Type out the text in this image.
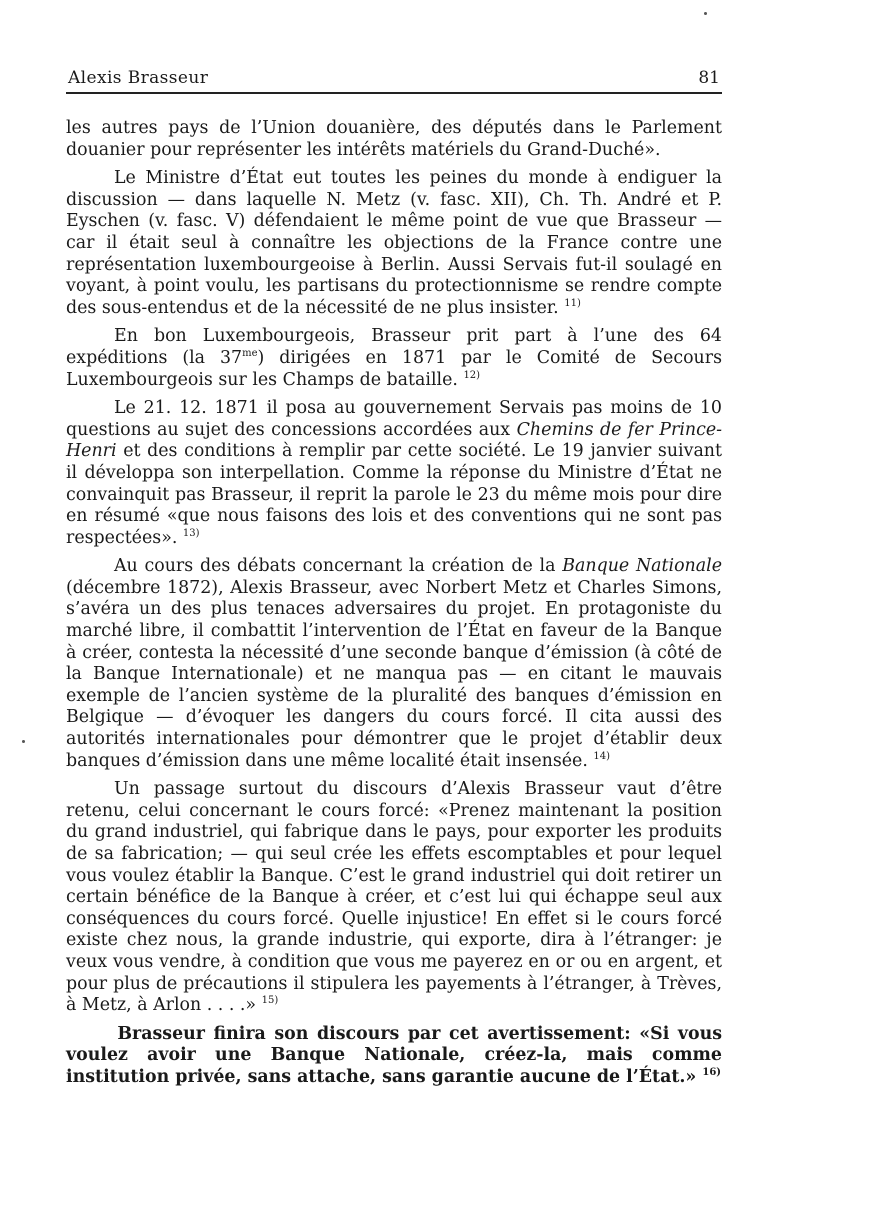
Alexis Brasseur	81

les autres pays de l’Union douanière, des députés dans le Parlement douanier pour représenter les intérêts matériels du Grand-Duché».

Le Ministre d’État eut toutes les peines du monde à endiguer la discussion — dans laquelle N. Metz (v. fasc. XII), Ch. Th. André et P. Eyschen (v. fasc. V) défendaient le même point de vue que Brasseur — car il était seul à connaître les objections de la France contre une représentation luxembourgeoise à Berlin. Aussi Servais fut-il soulagé en voyant, à point voulu, les partisans du protectionnisme se rendre compte des sous-entendus et de la nécessité de ne plus insister. $^{11)}$

En bon Luxembourgeois, Brasseur prit part à l’une des 64 expéditions (la $37^{me}$) dirigées en 1871 par le Comité de Secours Luxembourgeois sur les Champs de bataille. $^{12)}$

Le 21. 12. 1871 il posa au gouvernement Servais pas moins de 10 questions au sujet des concessions accordées aux Chemins de fer Prince-Henri et des conditions à remplir par cette société. Le 19 janvier suivant il développa son interpellation. Comme la réponse du Ministre d’État ne convainquit pas Brasseur, il reprit la parole le 23 du même mois pour dire en résumé «que nous faisons des lois et des conventions qui ne sont pas respectées». $^{13)}$

Au cours des débats concernant la création de la Banque Nationale (décembre 1872), Alexis Brasseur, avec Norbert Metz et Charles Simons, s’avéra un des plus tenaces adversaires du projet. En protagoniste du marché libre, il combattit l’intervention de l’État en faveur de la Banque à créer, contesta la nécessité d’une seconde banque d’émission (à côté de la Banque Internationale) et ne manqua pas — en citant le mauvais exemple de l’ancien système de la pluralité des banques d’émission en Belgique — d’évoquer les dangers du cours forcé. Il cita aussi des autorités internationales pour démontrer que le projet d’établir deux banques d’émission dans une même localité était insensée. $^{14)}$

Un passage surtout du discours d’Alexis Brasseur vaut d’être retenu, celui concernant le cours forcé: «Prenez maintenant la position du grand industriel, qui fabrique dans le pays, pour exporter les produits de sa fabrication; — qui seul crée les effets escomptables et pour lequel vous voulez établir la Banque. C’est le grand industriel qui doit retirer un certain bénéfice de la Banque à créer, et c’est lui qui échappe seul aux conséquences du cours forcé. Quelle injustice! En effet si le cours forcé existe chez nous, la grande industrie, qui exporte, dira à l’étranger: je veux vous vendre, à condition que vous me payerez en or ou en argent, et pour plus de précautions il stipulera les payements à l’étranger, à Trèves, à Metz, à Arlon . . . .» $^{15)}$

Brasseur finira son discours par cet avertissement: «Si vous voulez avoir une Banque Nationale, créez-la, mais comme institution privée, sans attache, sans garantie aucune de l’État.» $^{16)}$
